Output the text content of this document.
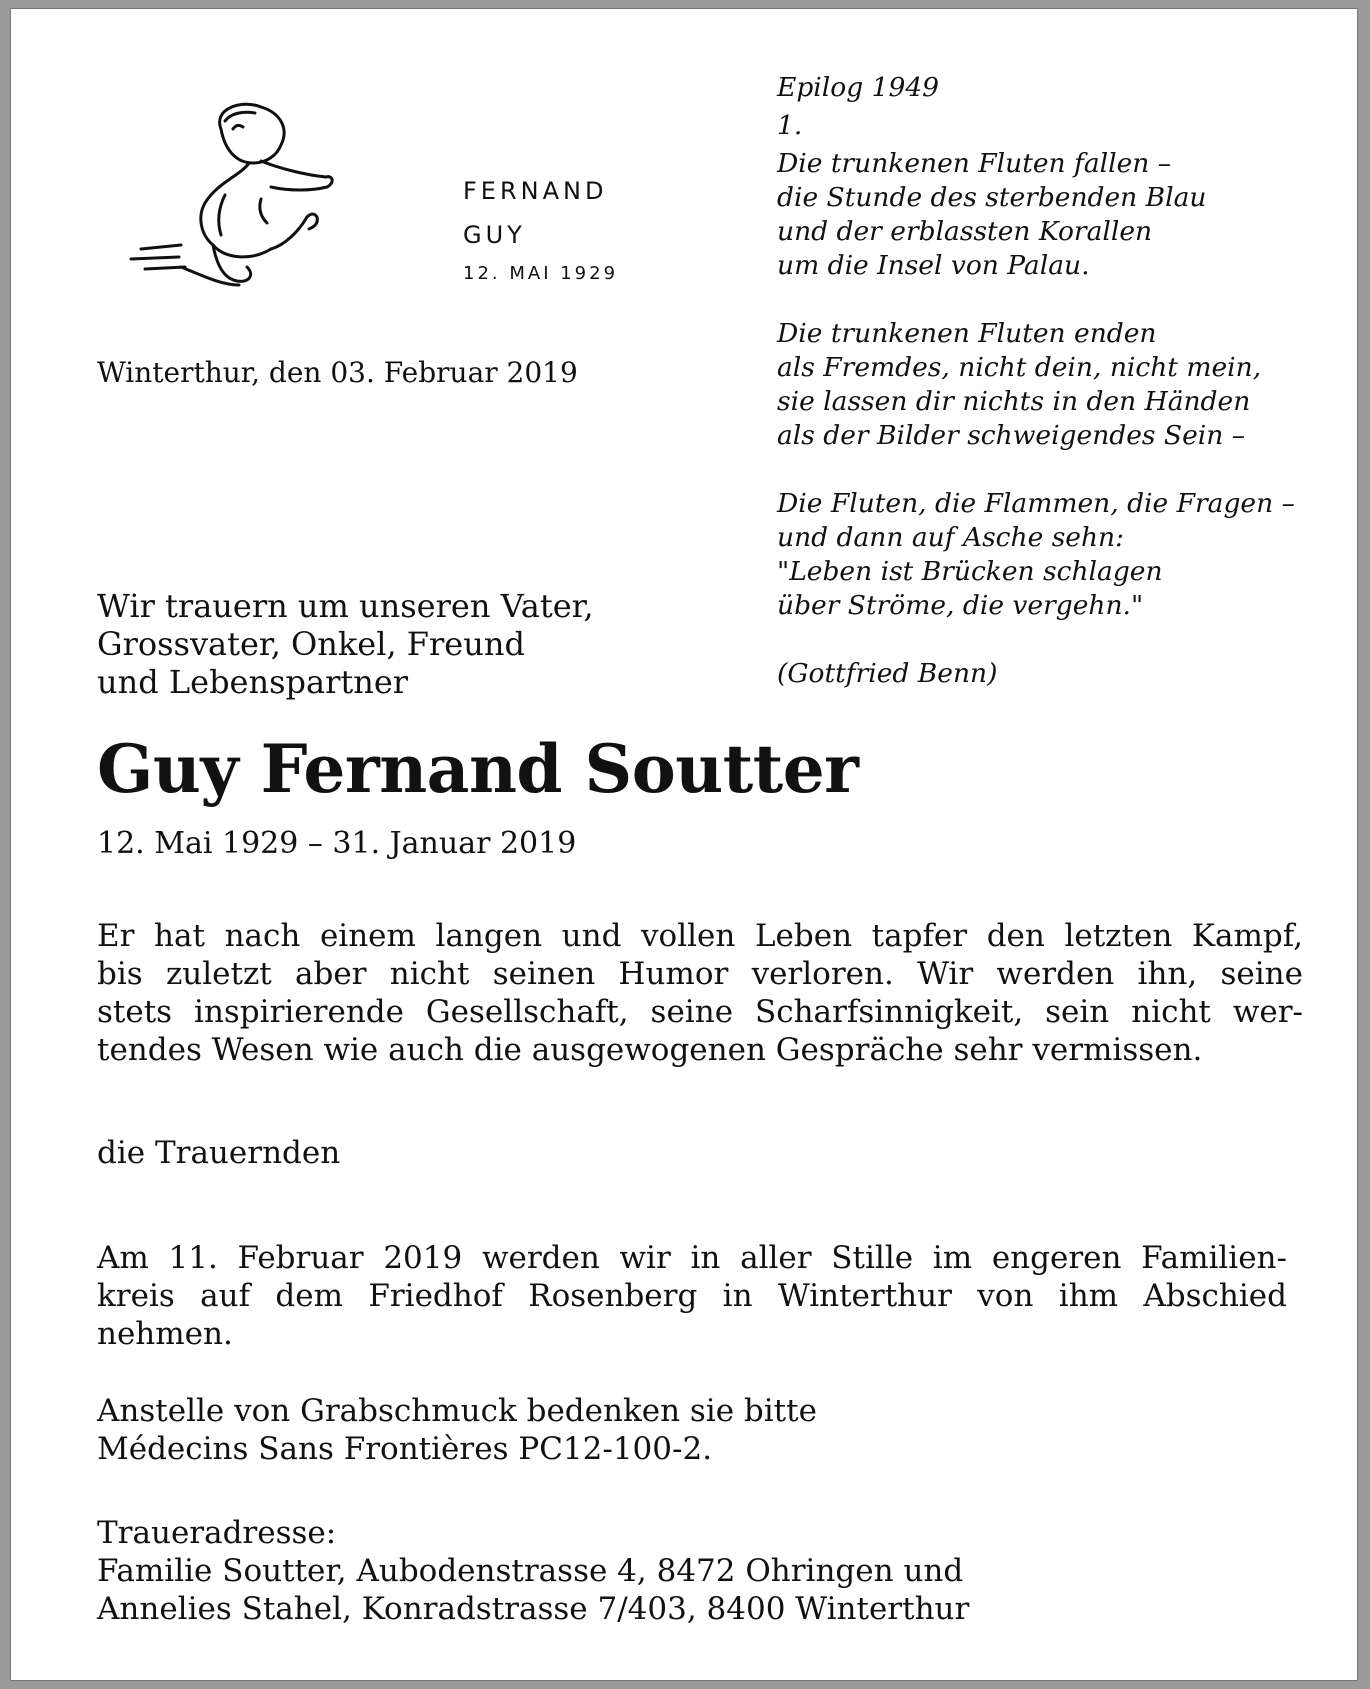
FERNAND
GUY
12. MAI 1929

Winterthur, den 03. Februar 2019

Epilog 1949
1.
Die trunkenen Fluten fallen –
die Stunde des sterbenden Blau
und der erblassten Korallen
um die Insel von Palau.
Die trunkenen Fluten enden
als Fremdes, nicht dein, nicht mein,
sie lassen dir nichts in den Händen
als der Bilder schweigendes Sein –
Die Fluten, die Flammen, die Fragen –
und dann auf Asche sehn:
"Leben ist Brücken schlagen
über Ströme, die vergehn."
(Gottfried Benn)
Wir trauern um unseren Vater,
Grossvater, Onkel, Freund
und Lebenspartner
Guy Fernand Soutter

12. Mai 1929 – 31. Januar 2019

Er hat nach einem langen und vollen Leben tapfer den letzten Kampf,
bis zuletzt aber nicht seinen Humor verloren. Wir werden ihn, seine
stets inspirierende Gesellschaft, seine Scharfsinnigkeit, sein nicht wer-
tendes Wesen wie auch die ausgewogenen Gespräche sehr vermissen.

die Trauernden

Am 11. Februar 2019 werden wir in aller Stille im engeren Familien-
kreis auf dem Friedhof Rosenberg in Winterthur von ihm Abschied
nehmen.
Anstelle von Grabschmuck bedenken sie bitte
Médecins Sans Frontières PC12-100-2.
Traueradresse:
Familie Soutter, Aubodenstrasse 4, 8472 Ohringen und
Annelies Stahel, Konradstrasse 7/403, 8400 Winterthur
